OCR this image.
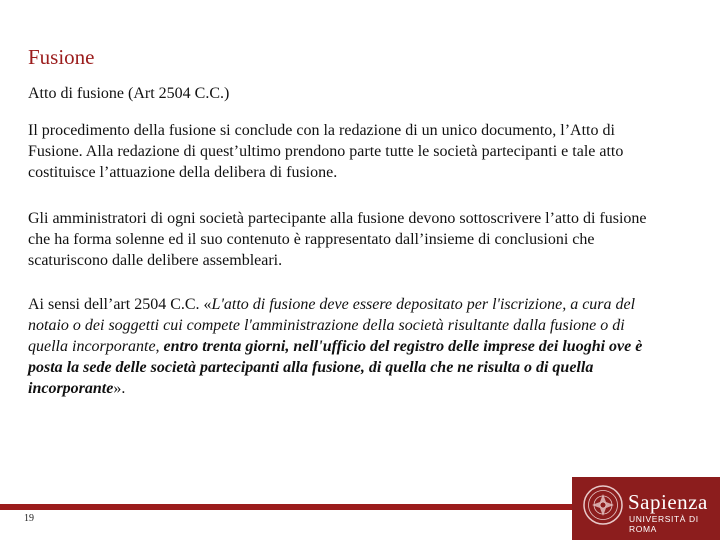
Fusione
Atto di fusione (Art 2504 C.C.)
Il procedimento della fusione si conclude con la redazione di un unico documento, l’Atto di Fusione. Alla redazione di quest’ultimo prendono parte tutte le società partecipanti e tale atto costituisce l’attuazione della delibera di fusione.
Gli amministratori di ogni società partecipante alla fusione devono sottoscrivere l’atto di fusione che ha forma solenne ed il suo contenuto è rappresentato dall’insieme di conclusioni che scaturiscono dalle delibere assembleari.
Ai sensi dell’art 2504 C.C. «L'atto di fusione deve essere depositato per l'iscrizione, a cura del notaio o dei soggetti cui compete l'amministrazione della società risultante dalla fusione o di quella incorporante, entro trenta giorni, nell'ufficio del registro delle imprese dei luoghi ove è posta la sede delle società partecipanti alla fusione, di quella che ne risulta o di quella incorporante».
19
Sapienza
UNIVERSITÀ DI ROMA
